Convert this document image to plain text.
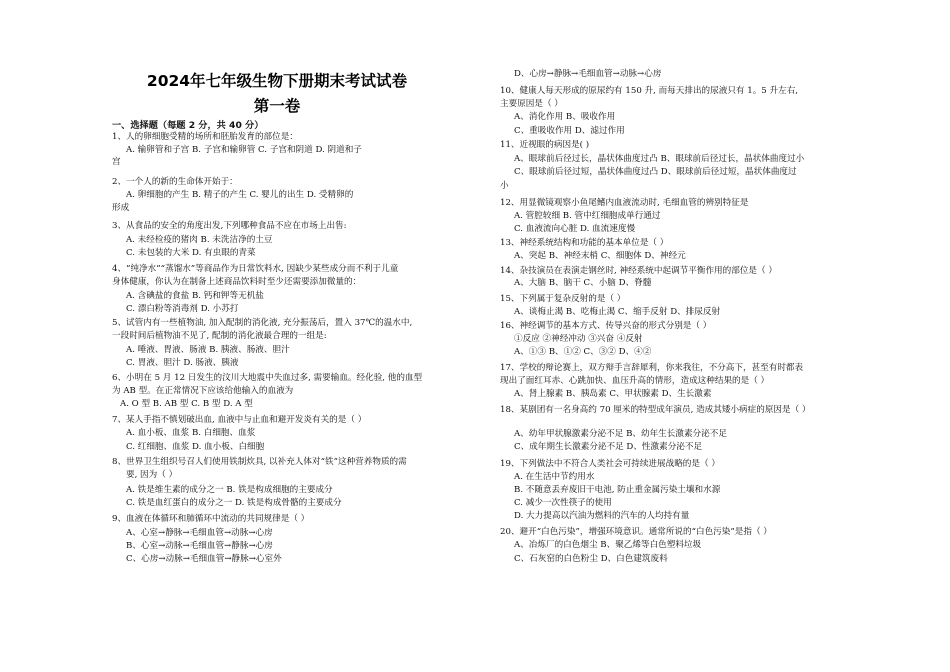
2024年七年级生物下册期末考试试卷
第一卷
一、选择题（每题 2 分，共 40 分）
1、人的卵细胞受精的场所和胚胎发育的部位是：
A. 输卵管和子宫 B. 子宫和输卵管 C. 子宫和阴道 D. 阴道和子
宫
2、一个人的新的生命体开始于：
A. 卵细胞的产生 B. 精子的产生 C. 婴儿的出生 D. 受精卵的
形成
3、从食品的安全的角度出发,下列哪种食品不应在市场上出售:
A. 未经检疫的猪肉 B. 未洗洁净的土豆
C. 未包装的大米 D. 有虫眼的青菜
4、“纯净水”“蒸馏水”等商品作为日常饮料水, 因缺少某些成分而不利于儿童
身体健康，你认为在制备上述商品饮料时至少还需要添加微量的：
A. 含碘盐的食盐 B. 钙和钾等无机盐
C. 漂白粉等消毒剂 D. 小苏打
5、试管内有一些植物油, 加入配制的消化液, 充分振荡后，置入 37℃的温水中,
一段时间后植物油不见了, 配制的消化液最合理的一组是:
A. 唾液、胃液、肠液 B. 胰液、肠液、胆汁
C. 胃液、胆汁 D. 肠液、胰液
6、小明在 5 月 12 日发生的汶川大地震中失血过多, 需要输血。经化验, 他的血型
为 AB 型。在正常情况下应该给他输入的血液为
A. O 型 B. AB 型 C. B 型 D. A 型
7、某人手指不慎划破出血, 血液中与止血和避开发炎有关的是（ ）
A. 血小板、血浆 B. 白细胞、血浆
C. 红细胞、血浆 D. 血小板、白细胞
8、世界卫生组织号召人们使用铁制炊具, 以补充人体对“铁”这种营养物质的需
要, 因为（ ）
A. 铁是维生素的成分之一 B. 铁是构成细胞的主要成分
C. 铁是血红蛋白的成分之一 D. 铁是构成骨骼的主要成分
9、血液在体循环和肺循环中流动的共同规律是（ ）
A、心室→静脉→毛细血管→动脉→心房
B、心室→动脉→毛细血管→静脉→心房
C、心房→动脉→毛细血管→静脉→心室外
D、心房→静脉→毛细血管→动脉→心房
10、健康人每天形成的原尿约有 150 升, 而每天排出的尿液只有 1。5 升左右,
主要原因是（ ）
A、消化作用 B、吸收作用
C、重吸收作用 D、滤过作用
11、近视眼的病因是( )
A、眼球前后径过长，晶状体曲度过凸 B、眼球前后径过长，晶状体曲度过小
C、眼球前后径过短，晶状体曲度过凸 D、眼球前后径过短，晶状体曲度过
小
12、用显微镜观察小鱼尾鳍内血液流动时, 毛细血管的辨别特征是
A. 管腔较细 B. 管中红细胞成单行通过
C. 血液流向心脏 D. 血流速度慢
13、神经系统结构和功能的基本单位是（ ）
A、突起 B、神经末梢 C、细胞体 D、神经元
14、杂技演员在表演走钢丝时, 神经系统中起调节平衡作用的部位是（ ）
A、大脑 B、脑干 C、小脑 D、脊髓
15、下列属于复杂反射的是（ ）
A、谈梅止渴 B、吃梅止渴 C、缩手反射 D、排尿反射
16、神经调节的基本方式、传导兴奋的形式分别是（ ）
①反应 ②神经冲动 ③兴奋 ④反射
A、①③ B、①② C、③② D、④②
17、学校的辩论赛上，双方辩手言辞犀利，你来我往，不分高下，甚至有时都表
现出了面红耳赤、心跳加快、血压升高的情形，造成这种结果的是（ ）
A、肾上腺素 B、胰岛素 C、甲状腺素 D、生长激素
18、某剧团有一名身高约 70 厘米的特型成年演员, 造成其矮小病症的原因是（ ）
A、幼年甲状腺激素分泌不足 B、幼年生长激素分泌不足
C、成年期生长激素分泌不足 D、性激素分泌不足
19、下列做法中不符合人类社会可持续进展战略的是（ ）
A. 在生活中节约用水
B. 不随意丢弃废旧干电池, 防止重金属污染土壤和水源
C. 减少一次性筷子的使用
D. 大力提高以汽油为燃料的汽车的人均持有量
20、避开“白色污染”，增强环境意识。通常所说的“白色污染”是指（ ）
A、冶炼厂的白色烟尘 B、聚乙烯等白色塑料垃圾
C、石灰窑的白色粉尘 D、白色建筑废料
